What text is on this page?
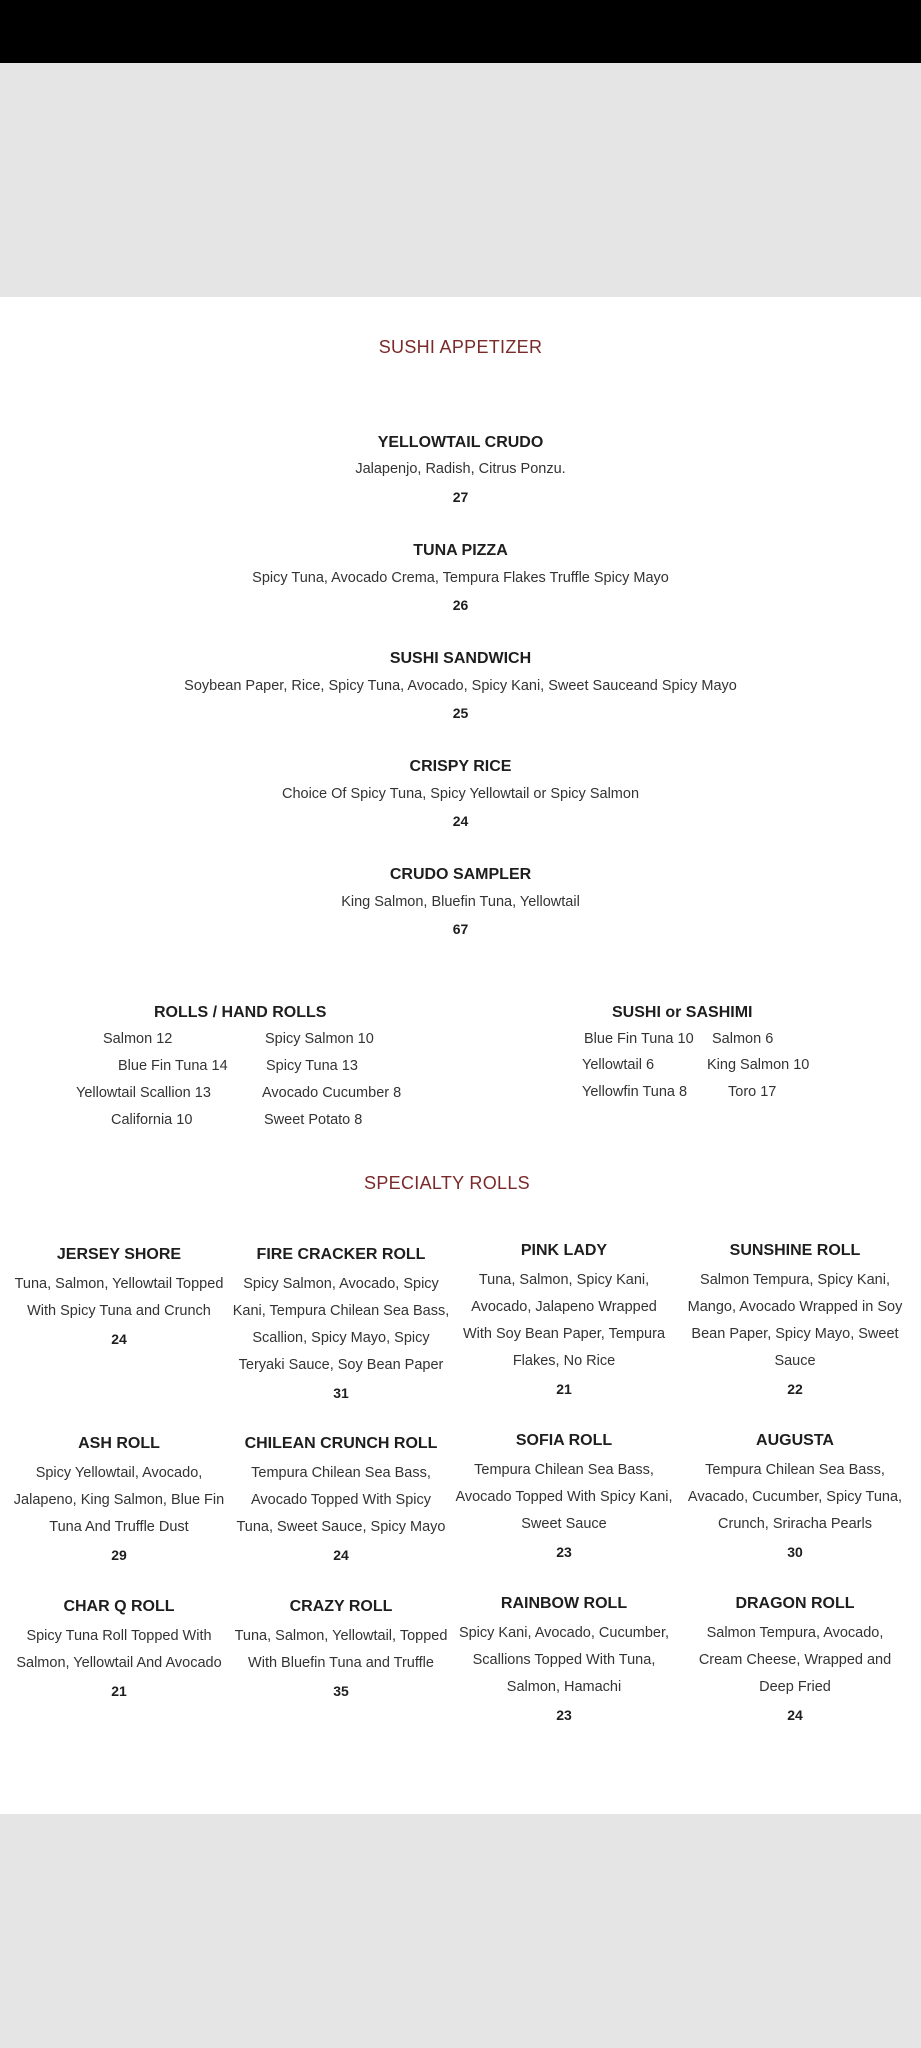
SUSHI APPETIZER
YELLOWTAIL CRUDO
Jalapenjo, Radish, Citrus Ponzu.
27
TUNA PIZZA
Spicy Tuna, Avocado Crema, Tempura Flakes Truffle Spicy Mayo
26
SUSHI SANDWICH
Soybean Paper, Rice, Spicy Tuna, Avocado, Spicy Kani, Sweet Sauceand Spicy Mayo
25
CRISPY RICE
Choice Of Spicy Tuna, Spicy Yellowtail or Spicy Salmon
24
CRUDO SAMPLER
King Salmon, Bluefin Tuna, Yellowtail
67
ROLLS / HAND ROLLS
Salmon 12
Blue Fin Tuna 14
Yellowtail Scallion 13
California 10
Spicy Salmon 10
Spicy Tuna 13
Avocado Cucumber 8
Sweet Potato 8
SUSHI or SASHIMI
Blue Fin Tuna 10
Yellowtail 6
Yellowfin Tuna 8
Salmon 6
King Salmon 10
Toro 17
SPECIALTY ROLLS
JERSEY SHORE
Tuna, Salmon, Yellowtail Topped With Spicy Tuna and Crunch
24
FIRE CRACKER ROLL
Spicy Salmon, Avocado, Spicy Kani, Tempura Chilean Sea Bass, Scallion, Spicy Mayo, Spicy Teryaki Sauce, Soy Bean Paper
31
PINK LADY
Tuna, Salmon, Spicy Kani, Avocado, Jalapeno Wrapped With Soy Bean Paper, Tempura Flakes, No Rice
21
SUNSHINE ROLL
Salmon Tempura, Spicy Kani, Mango, Avocado Wrapped in Soy Bean Paper, Spicy Mayo, Sweet Sauce
22
ASH ROLL
Spicy Yellowtail, Avocado, Jalapeno, King Salmon, Blue Fin Tuna And Truffle Dust
29
CHILEAN CRUNCH ROLL
Tempura Chilean Sea Bass, Avocado Topped With Spicy Tuna, Sweet Sauce, Spicy Mayo
24
SOFIA ROLL
Tempura Chilean Sea Bass, Avocado Topped With Spicy Kani, Sweet Sauce
23
AUGUSTA
Tempura Chilean Sea Bass, Avacado, Cucumber, Spicy Tuna, Crunch, Sriracha Pearls
30
CHAR Q ROLL
Spicy Tuna Roll Topped With Salmon, Yellowtail And Avocado
21
CRAZY ROLL
Tuna, Salmon, Yellowtail, Topped With Bluefin Tuna and Truffle
35
RAINBOW ROLL
Spicy Kani, Avocado, Cucumber, Scallions Topped With Tuna, Salmon, Hamachi
23
DRAGON ROLL
Salmon Tempura, Avocado, Cream Cheese, Wrapped and Deep Fried
24
